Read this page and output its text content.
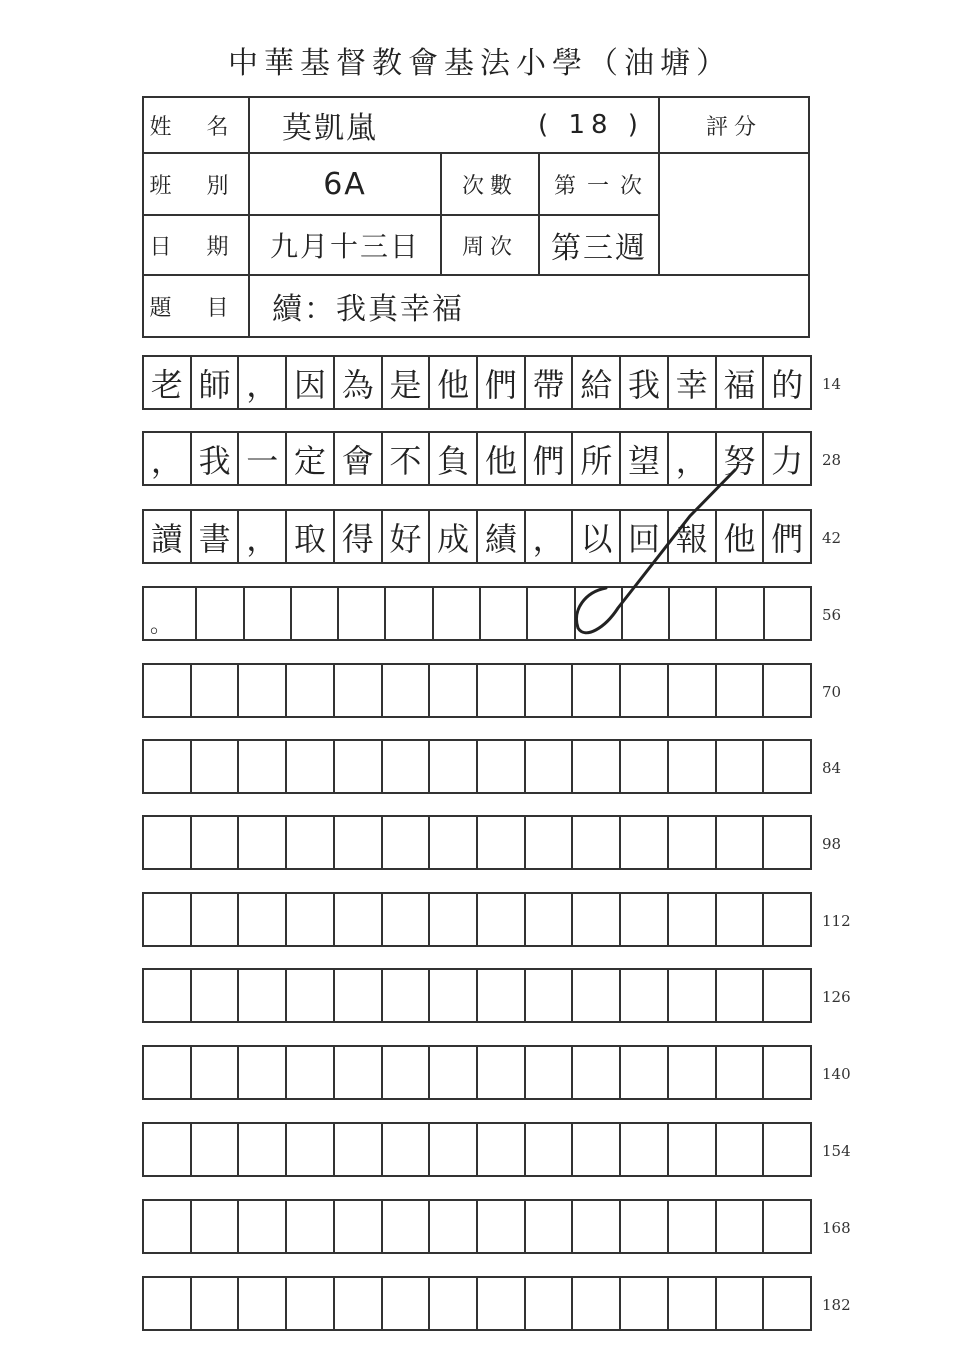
中華基督教會基法小學（油塘）
姓 名	莫凱嵐	( 18 )	評分
班 別	6A	次數	第 一 次
日 期 九月十三日	周次	第三週
題 目 續：我真幸福
老 師 ， 因 為 是 他 們 帶 給 我 幸 福 的	14
， 我 一 定 會 不 負 他 們 所 望 ， 努 力	28
讀 書 ， 取 得 好 成 績 ， 以 回 報 他 們	42
。	56
70
84
98
112
126
140
154
168
182
